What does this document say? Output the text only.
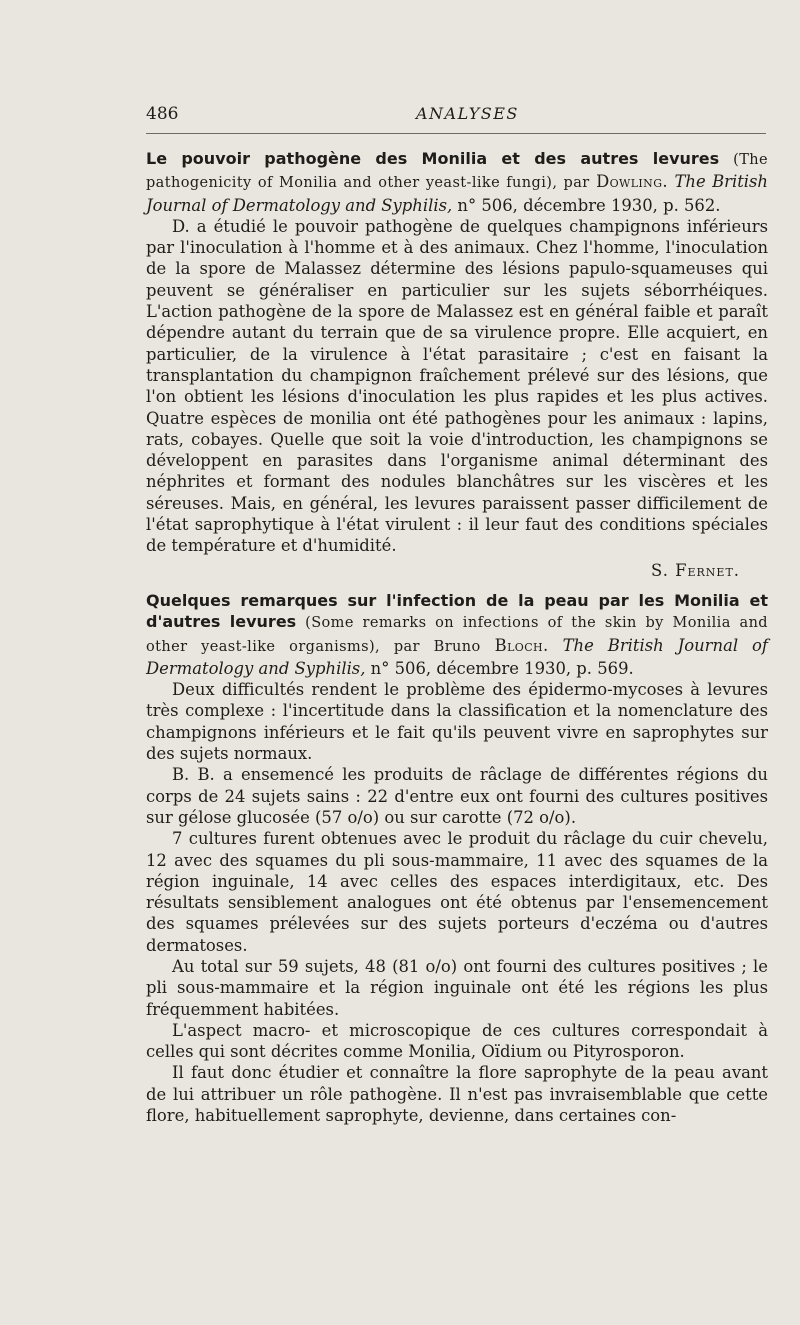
486	ANALYSES
Le pouvoir pathogène des Monilia et des autres levures (The pathogenicity of Monilia and other yeast-like fungi), par Dowling. The British Journal of Dermatology and Syphilis, n° 506, décembre 1930, p. 562.

D. a étudié le pouvoir pathogène de quelques champignons inférieurs par l'inoculation à l'homme et à des animaux. Chez l'homme, l'inoculation de la spore de Malassez détermine des lésions papulo-squameuses qui peuvent se généraliser en particulier sur les sujets séborrhéiques. L'action pathogène de la spore de Malassez est en général faible et paraît dépendre autant du terrain que de sa virulence propre. Elle acquiert, en particulier, de la virulence à l'état parasitaire ; c'est en faisant la transplantation du champignon fraîchement prélevé sur des lésions, que l'on obtient les lésions d'inoculation les plus rapides et les plus actives. Quatre espèces de monilia ont été pathogènes pour les animaux : lapins, rats, cobayes. Quelle que soit la voie d'introduction, les champignons se développent en parasites dans l'organisme animal déterminant des néphrites et formant des nodules blanchâtres sur les viscères et les séreuses. Mais, en général, les levures paraissent passer difficilement de l'état saprophytique à l'état virulent : il leur faut des conditions spéciales de température et d'humidité.

S. Fernet.

Quelques remarques sur l'infection de la peau par les Monilia et d'autres levures (Some remarks on infections of the skin by Monilia and other yeast-like organisms), par Bruno Bloch. The British Journal of Dermatology and Syphilis, n° 506, décembre 1930, p. 569.

Deux difficultés rendent le problème des épidermo-mycoses à levures très complexe : l'incertitude dans la classification et la nomenclature des champignons inférieurs et le fait qu'ils peuvent vivre en saprophytes sur des sujets normaux.

B. B. a ensemencé les produits de râclage de différentes régions du corps de 24 sujets sains : 22 d'entre eux ont fourni des cultures positives sur gélose glucosée (57 o/o) ou sur carotte (72 o/o).

7 cultures furent obtenues avec le produit du râclage du cuir chevelu, 12 avec des squames du pli sous-mammaire, 11 avec des squames de la région inguinale, 14 avec celles des espaces interdigitaux, etc. Des résultats sensiblement analogues ont été obtenus par l'ensemencement des squames prélevées sur des sujets porteurs d'eczéma ou d'autres dermatoses.

Au total sur 59 sujets, 48 (81 o/o) ont fourni des cultures positives ; le pli sous-mammaire et la région inguinale ont été les régions les plus fréquemment habitées.

L'aspect macro- et microscopique de ces cultures correspondait à celles qui sont décrites comme Monilia, Oïdium ou Pityrosporon.

Il faut donc étudier et connaître la flore saprophyte de la peau avant de lui attribuer un rôle pathogène. Il n'est pas invraisemblable que cette flore, habituellement saprophyte, devienne, dans certaines con-
